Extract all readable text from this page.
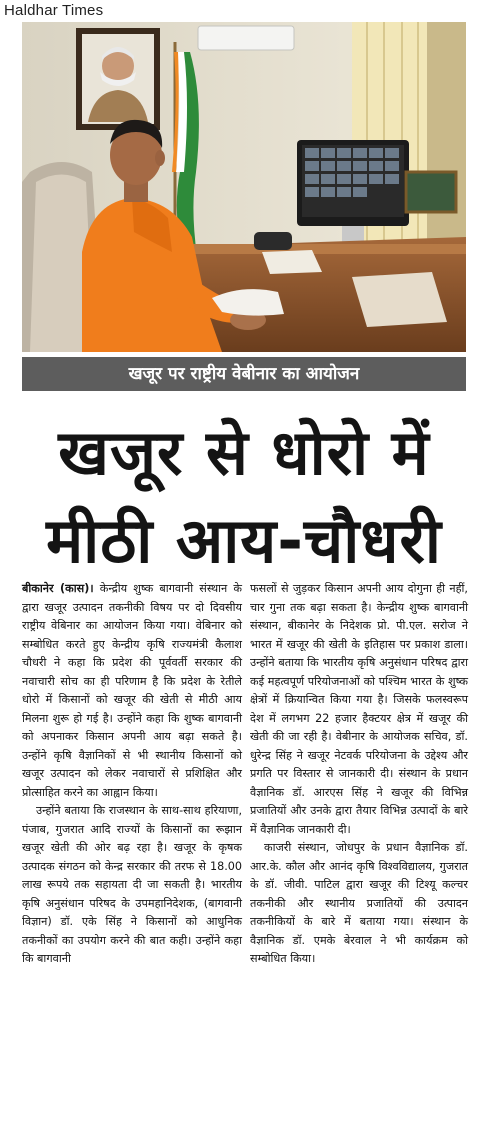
Haldhar Times
खजूर पर राष्ट्रीय वेबीनार का आयोजन
खजूर से धोरो में
मीठी आय-चौधरी

बीकानेर (कास)। केन्द्रीय शुष्क बागवानी संस्थान के द्वारा खजूर उत्पादन तकनीकी विषय पर दो दिवसीय राष्ट्रीय वेबिनार का आयोजन किया गया। वेबिनार को सम्बोधित करते हुए केन्द्रीय कृषि राज्यमंत्री कैलाश चौधरी ने कहा कि प्रदेश की पूर्ववर्ती सरकार की नवाचारी सोच का ही परिणाम है कि प्रदेश के रेतीले धोरो में किसानों को खजूर की खेती से मीठी आय मिलना शुरू हो गई है। उन्होंने कहा कि शुष्क बागवानी को अपनाकर किसान अपनी आय बढ़ा सकते है। उन्होंने कृषि वैज्ञानिकों से भी स्थानीय किसानों को खजूर उत्पादन को लेकर नवाचारों से प्रशिक्षित और प्रोत्साहित करने का आह्वान किया।

उन्होंने बताया कि राजस्थान के साथ-साथ हरियाणा, पंजाब, गुजरात आदि राज्यों के किसानों का रूझान खजूर खेती की ओर बढ़ रहा है। खजूर के कृषक उत्पादक संगठन को केन्द्र सरकार की तरफ से 18.00 लाख रूपये तक सहायता दी जा सकती है। भारतीय कृषि अनुसंधान परिषद के उपमहानिदेशक, (बागवानी विज्ञान) डॉ. एके सिंह ने किसानों को आधुनिक तकनीकों का उपयोग करने की बात कही। उन्होंने कहा कि बागवानी

फसलों से जुड़कर किसान अपनी आय दोगुना ही नहीं, चार गुना तक बढ़ा सकता है। केन्द्रीय शुष्क बागवानी संस्थान, बीकानेर के निदेशक प्रो. पी.एल. सरोज ने भारत में खजूर की खेती के इतिहास पर प्रकाश डाला। उन्होंने बताया कि भारतीय कृषि अनुसंधान परिषद द्वारा कई महत्वपूर्ण परियोजनाओं को पश्चिम भारत के शुष्क क्षेत्रों में क्रियान्वित किया गया है। जिसके फलस्वरूप देश में लगभग 22 हजार हैक्टयर क्षेत्र में खजूर की खेती की जा रही है। वेबीनार के आयोजक सचिव, डॉ. धुरेन्द्र सिंह ने खजूर नेटवर्क परियोजना के उद्देश्य और प्रगति पर विस्तार से जानकारी दी। संस्थान के प्रधान वैज्ञानिक डॉ. आरएस सिंह ने खजूर की विभिन्न प्रजातियों और उनके द्वारा तैयार विभिन्न उत्पादों के बारे में वैज्ञानिक जानकारी दी।

काजरी संस्थान, जोधपुर के प्रधान वैज्ञानिक डॉ. आर.के. कौल और आनंद कृषि विश्वविद्यालय, गुजरात के डॉ. जीवी. पाटिल द्वारा खजूर की टिश्यू कल्चर तकनीकी और स्थानीय प्रजातियों की उत्पादन तकनीकियों के बारे में बताया गया। संस्थान के वैज्ञानिक डॉ. एमके बेरवाल ने भी कार्यक्रम को सम्बोधित किया।
